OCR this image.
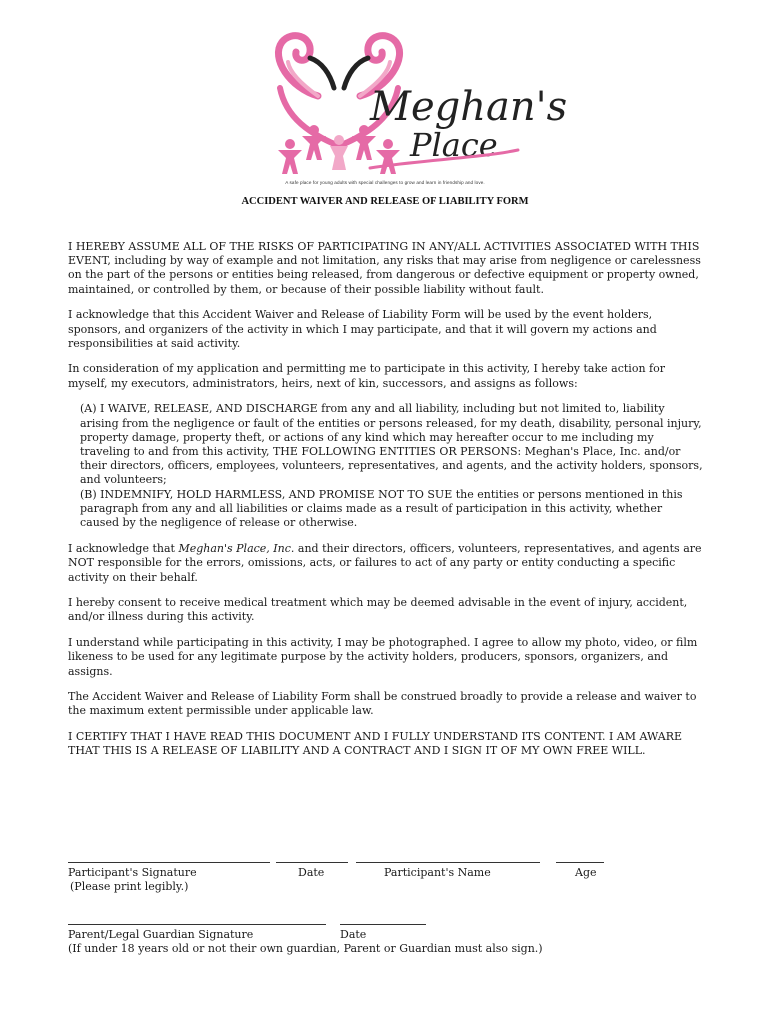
Meghan's
Place
A safe place for young adults with special challenges to grow and learn in friendship and love.
ACCIDENT WAIVER AND RELEASE OF LIABILITY FORM

I HEREBY ASSUME ALL OF THE RISKS OF PARTICIPATING IN ANY/ALL ACTIVITIES ASSOCIATED WITH THIS EVENT, including by way of example and not limitation, any risks that may arise from negligence or carelessness on the part of the persons or entities being released, from dangerous or defective equipment or property owned, maintained, or controlled by them, or because of their possible liability without fault.

I acknowledge that this Accident Waiver and Release of Liability Form will be used by the event holders, sponsors, and organizers of the activity in which I may participate, and that it will govern my actions and responsibilities at said activity.

In consideration of my application and permitting me to participate in this activity, I hereby take action for myself, my executors, administrators, heirs, next of kin, successors, and assigns as follows:

(A) I WAIVE, RELEASE, AND DISCHARGE from any and all liability, including but not limited to, liability arising from the negligence or fault of the entities or persons released, for my death, disability, personal injury, property damage, property theft, or actions of any kind which may hereafter occur to me including my traveling to and from this activity, THE FOLLOWING ENTITIES OR PERSONS: Meghan's Place, Inc. and/or their directors, officers, employees, volunteers, representatives, and agents, and the activity holders, sponsors, and volunteers;

(B) INDEMNIFY, HOLD HARMLESS, AND PROMISE NOT TO SUE the entities or persons mentioned in this paragraph from any and all liabilities or claims made as a result of participation in this activity, whether caused by the negligence of release or otherwise.

I acknowledge that Meghan's Place, Inc. and their directors, officers, volunteers, representatives, and agents are NOT responsible for the errors, omissions, acts, or failures to act of any party or entity conducting a specific activity on their behalf.

I hereby consent to receive medical treatment which may be deemed advisable in the event of injury, accident, and/or illness during this activity.

I understand while participating in this activity, I may be photographed. I agree to allow my photo, video, or film likeness to be used for any legitimate purpose by the activity holders, producers, sponsors, organizers, and assigns.

The Accident Waiver and Release of Liability Form shall be construed broadly to provide a release and waiver to the maximum extent permissible under applicable law.

I CERTIFY THAT I HAVE READ THIS DOCUMENT AND I FULLY UNDERSTAND ITS CONTENT. I AM AWARE THAT THIS IS A RELEASE OF LIABILITY AND A CONTRACT AND I SIGN IT OF MY OWN FREE WILL.

Participant's Signature	Date	Participant's Name	Age
(Please print legibly.)
Parent/Legal Guardian Signature	Date
(If under 18 years old or not their own guardian, Parent or Guardian must also sign.)
